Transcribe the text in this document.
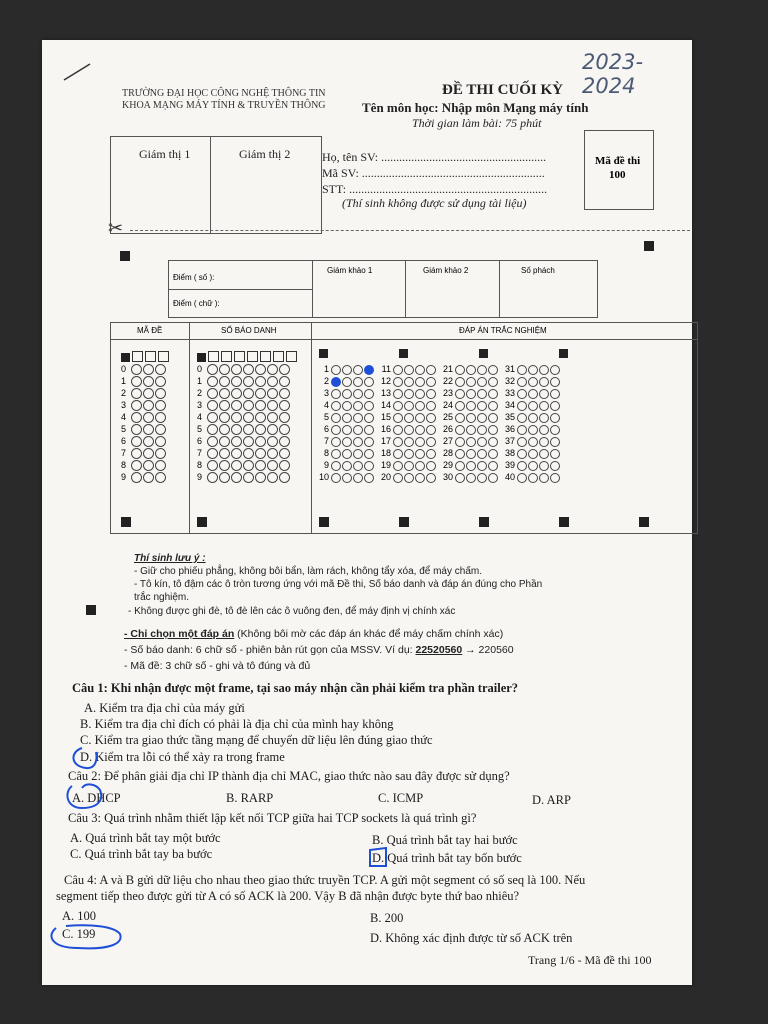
2023-2024
TRƯỜNG ĐẠI HỌC CÔNG NGHỆ THÔNG TIN
KHOA MẠNG MÁY TÍNH & TRUYỀN THÔNG
ĐỀ THI CUỐI KỲ
Tên môn học: Nhập môn Mạng máy tính
Thời gian làm bài: 75 phút
Giám thị 1	Giám thị 2	Họ, tên SV: .......................................................
Mã SV: .............................................................
STT: ..................................................................
(Thí sinh không được sử dụng tài liệu)
Mã đề thi
100
✂
Điểm ( số ):
Điểm ( chữ ):
Giám khảo 1	Giám khảo 2	Số phách
MÃ ĐỀ	SỐ BÁO DANH	ĐÁP ÁN TRẮC NGHIỆM
0
1
2
3
4
5
6
7
8
9
0
1
2
3
4
5
6
7
8
9
1	11	21	31
2	12	22	32
3	13	23	33
4	14	24	34
5	15	25	35
6	16	26	36
7	17	27	37
8	18	28	38
9	19	29	39
10	20	30	40
Thí sinh lưu ý :
- Giữ cho phiếu phẳng, không bôi bẩn, làm rách, không tẩy xóa, để máy chấm.
- Tô kín, tô đậm các ô tròn tương ứng với mã Đề thi, Số báo danh và đáp án đúng cho Phần
trắc nghiệm.
- Không được ghi đè, tô đè lên các ô vuông đen, để máy định vị chính xác
- Chỉ chọn một đáp án (Không bôi mờ các đáp án khác để máy chấm chính xác)
- Số báo danh: 6 chữ số - phiên bản rút gọn của MSSV. Ví dụ: 22520560 → 220560
- Mã đề: 3 chữ số - ghi và tô đúng và đủ
Câu 1: Khi nhận được một frame, tại sao máy nhận cần phải kiểm tra phần trailer?
A. Kiểm tra địa chỉ của máy gửi
B. Kiểm tra địa chỉ đích có phải là địa chỉ của mình hay không
C. Kiểm tra giao thức tầng mạng để chuyển dữ liệu lên đúng giao thức
D. Kiểm tra lỗi có thể xảy ra trong frame
Câu 2: Để phân giải địa chỉ IP thành địa chỉ MAC, giao thức nào sau đây được sử dụng?
A. DHCP	B. RARP	C. ICMP	D. ARP
Câu 3: Quá trình nhằm thiết lập kết nối TCP giữa hai TCP sockets là quá trình gì?
A. Quá trình bắt tay một bước	B. Quá trình bắt tay hai bước
C. Quá trình bắt tay ba bước	D. Quá trình bắt tay bốn bước
Câu 4: A và B gửi dữ liệu cho nhau theo giao thức truyền TCP. A gửi một segment có số seq là 100. Nếu
segment tiếp theo được gửi từ A có số ACK là 200. Vậy B đã nhận được byte thứ bao nhiêu?
A. 100	B. 200
C. 199	D. Không xác định được từ số ACK trên
Trang 1/6 - Mã đề thi 100
